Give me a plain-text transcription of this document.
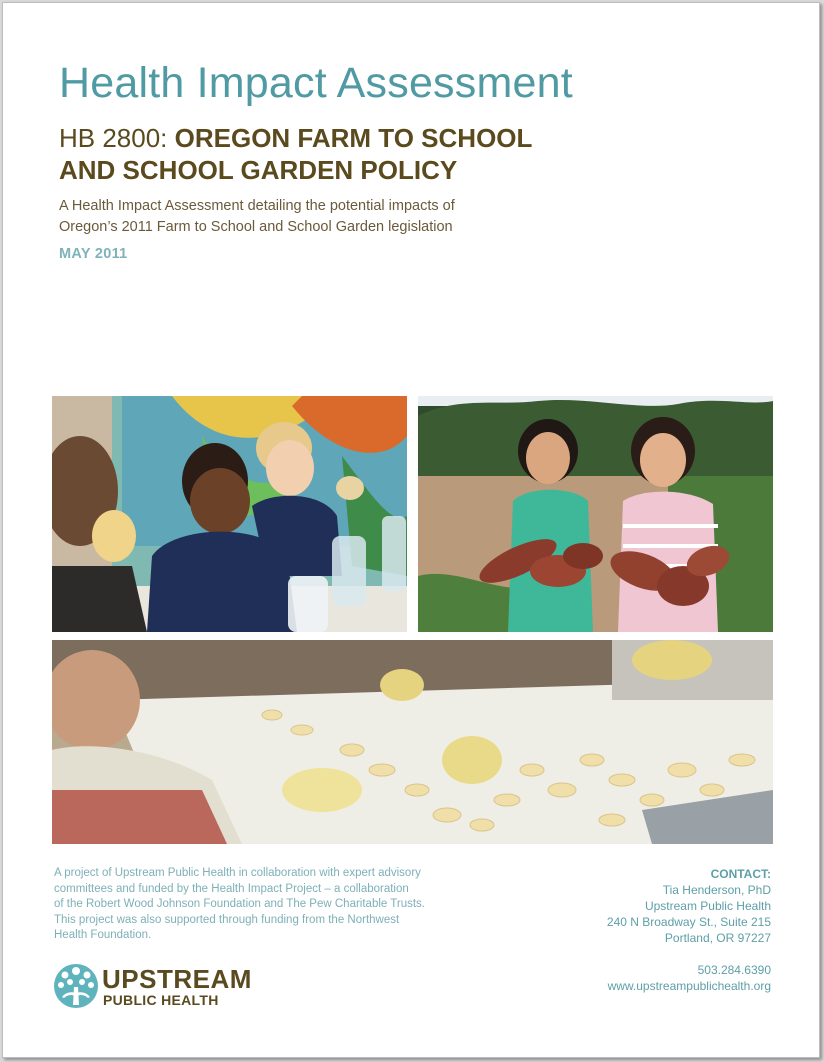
Health Impact Assessment
HB 2800: OREGON FARM TO SCHOOL
AND SCHOOL GARDEN POLICY
A Health Impact Assessment detailing the potential impacts of
Oregon’s 2011 Farm to School and School Garden legislation
MAY 2011
A project of Upstream Public Health in collaboration with expert advisory
committees and funded by the Health Impact Project – a collaboration
of the Robert Wood Johnson Foundation and The Pew Charitable Trusts.
This project was also supported through funding from the Northwest
Health Foundation.
CONTACT:
Tia Henderson, PhD
Upstream Public Health
240 N Broadway St., Suite 215
Portland, OR 97227
503.284.6390
www.upstreampublichealth.org
UPSTREAM
PUBLIC HEALTH
